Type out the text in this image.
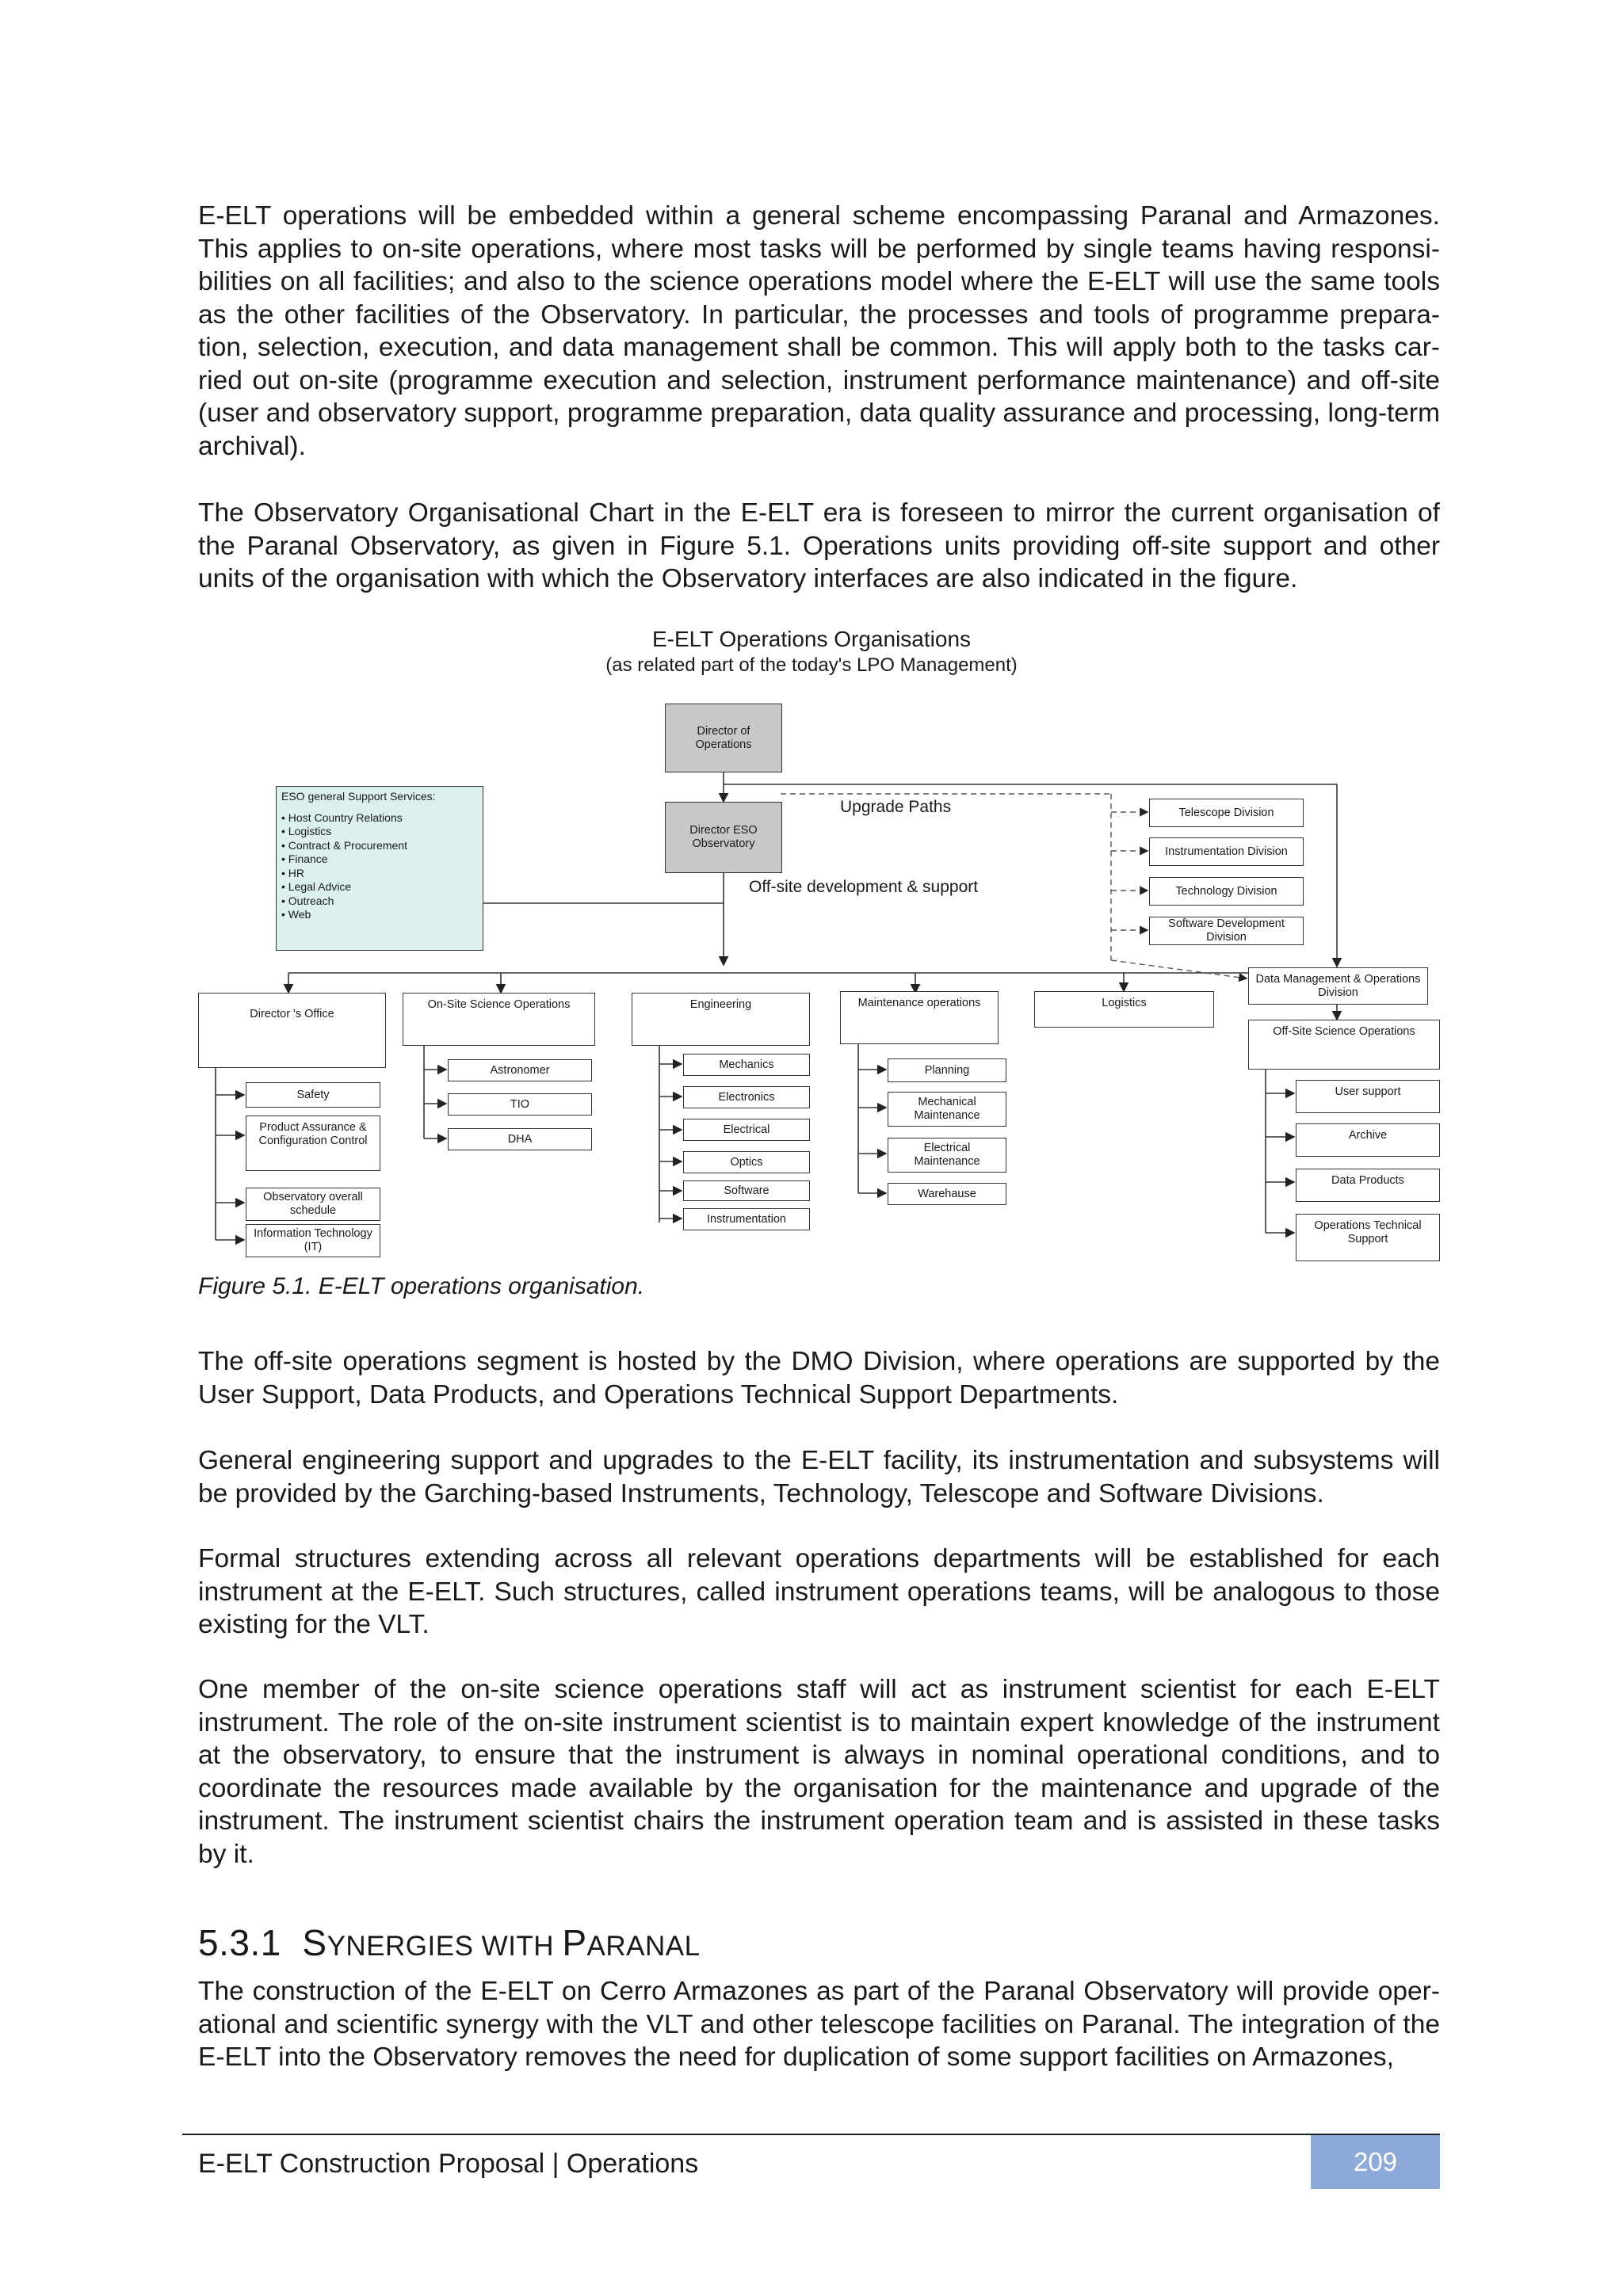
E-ELT operations will be embedded within a general scheme encompassing Paranal and Armazones. This applies to on-site operations, where most tasks will be performed by single teams having responsi-bilities on all facilities; and also to the science operations model where the E-ELT will use the same tools as the other facilities of the Observatory. In particular, the processes and tools of programme prepara-tion, selection, execution, and data management shall be common. This will apply both to the tasks car-ried out on-site (programme execution and selection, instrument performance maintenance) and off-site (user and observatory support, programme preparation, data quality assurance and processing, long-term archival).

The Observatory Organisational Chart in the E-ELT era is foreseen to mirror the current organisation of the Paranal Observatory, as given in Figure 5.1. Operations units providing off-site support and other units of the organisation with which the Observatory interfaces are also indicated in the figure.

E-ELT Operations Organisations
(as related part of the today's LPO Management)

Director of Operations
Director ESO Observatory
ESO general Support Services:
• Host Country Relations
• Logistics
• Contract & Procurement
• Finance
• HR
• Legal Advice
• Outreach
• Web
Upgrade Paths
Off-site development & support
Telescope Division
Instrumentation Division
Technology Division
Software Development Division
Data Management & Operations Division
Director 's Office
On-Site Science Operations	Engineering	Maintenance operations	Logistics
Off-Site Science Operations
Safety
Product Assurance & Configuration Control
Observatory overall schedule
Information Technology (IT)
Astronomer
TIO
DHA
Mechanics
Electronics
Electrical
Optics
Software
Instrumentation
Planning
Mechanical Maintenance
Electrical Maintenance
Warehause
User support
Archive
Data Products
Operations Technical Support

Figure 5.1. E-ELT operations organisation.

The off-site operations segment is hosted by the DMO Division, where operations are supported by the User Support, Data Products, and Operations Technical Support Departments.

General engineering support and upgrades to the E-ELT facility, its instrumentation and subsystems will be provided by the Garching-based Instruments, Technology, Telescope and Software Divisions.

Formal structures extending across all relevant operations departments will be established for each instrument at the E-ELT. Such structures, called instrument operations teams, will be analogous to those existing for the VLT.

One member of the on-site science operations staff will act as instrument scientist for each E-ELT instrument. The role of the on-site instrument scientist is to maintain expert knowledge of the instrument at the observatory, to ensure that the instrument is always in nominal operational conditions, and to coordinate the resources made available by the organisation for the maintenance and upgrade of the instrument. The instrument scientist chairs the instrument operation team and is assisted in these tasks by it.

5.3.1 SYNERGIES WITH PARANAL

The construction of the E-ELT on Cerro Armazones as part of the Paranal Observatory will provide oper-ational and scientific synergy with the VLT and other telescope facilities on Paranal. The integration of the E-ELT into the Observatory removes the need for duplication of some support facilities on Armazones,

E-ELT Construction Proposal | Operations	209
